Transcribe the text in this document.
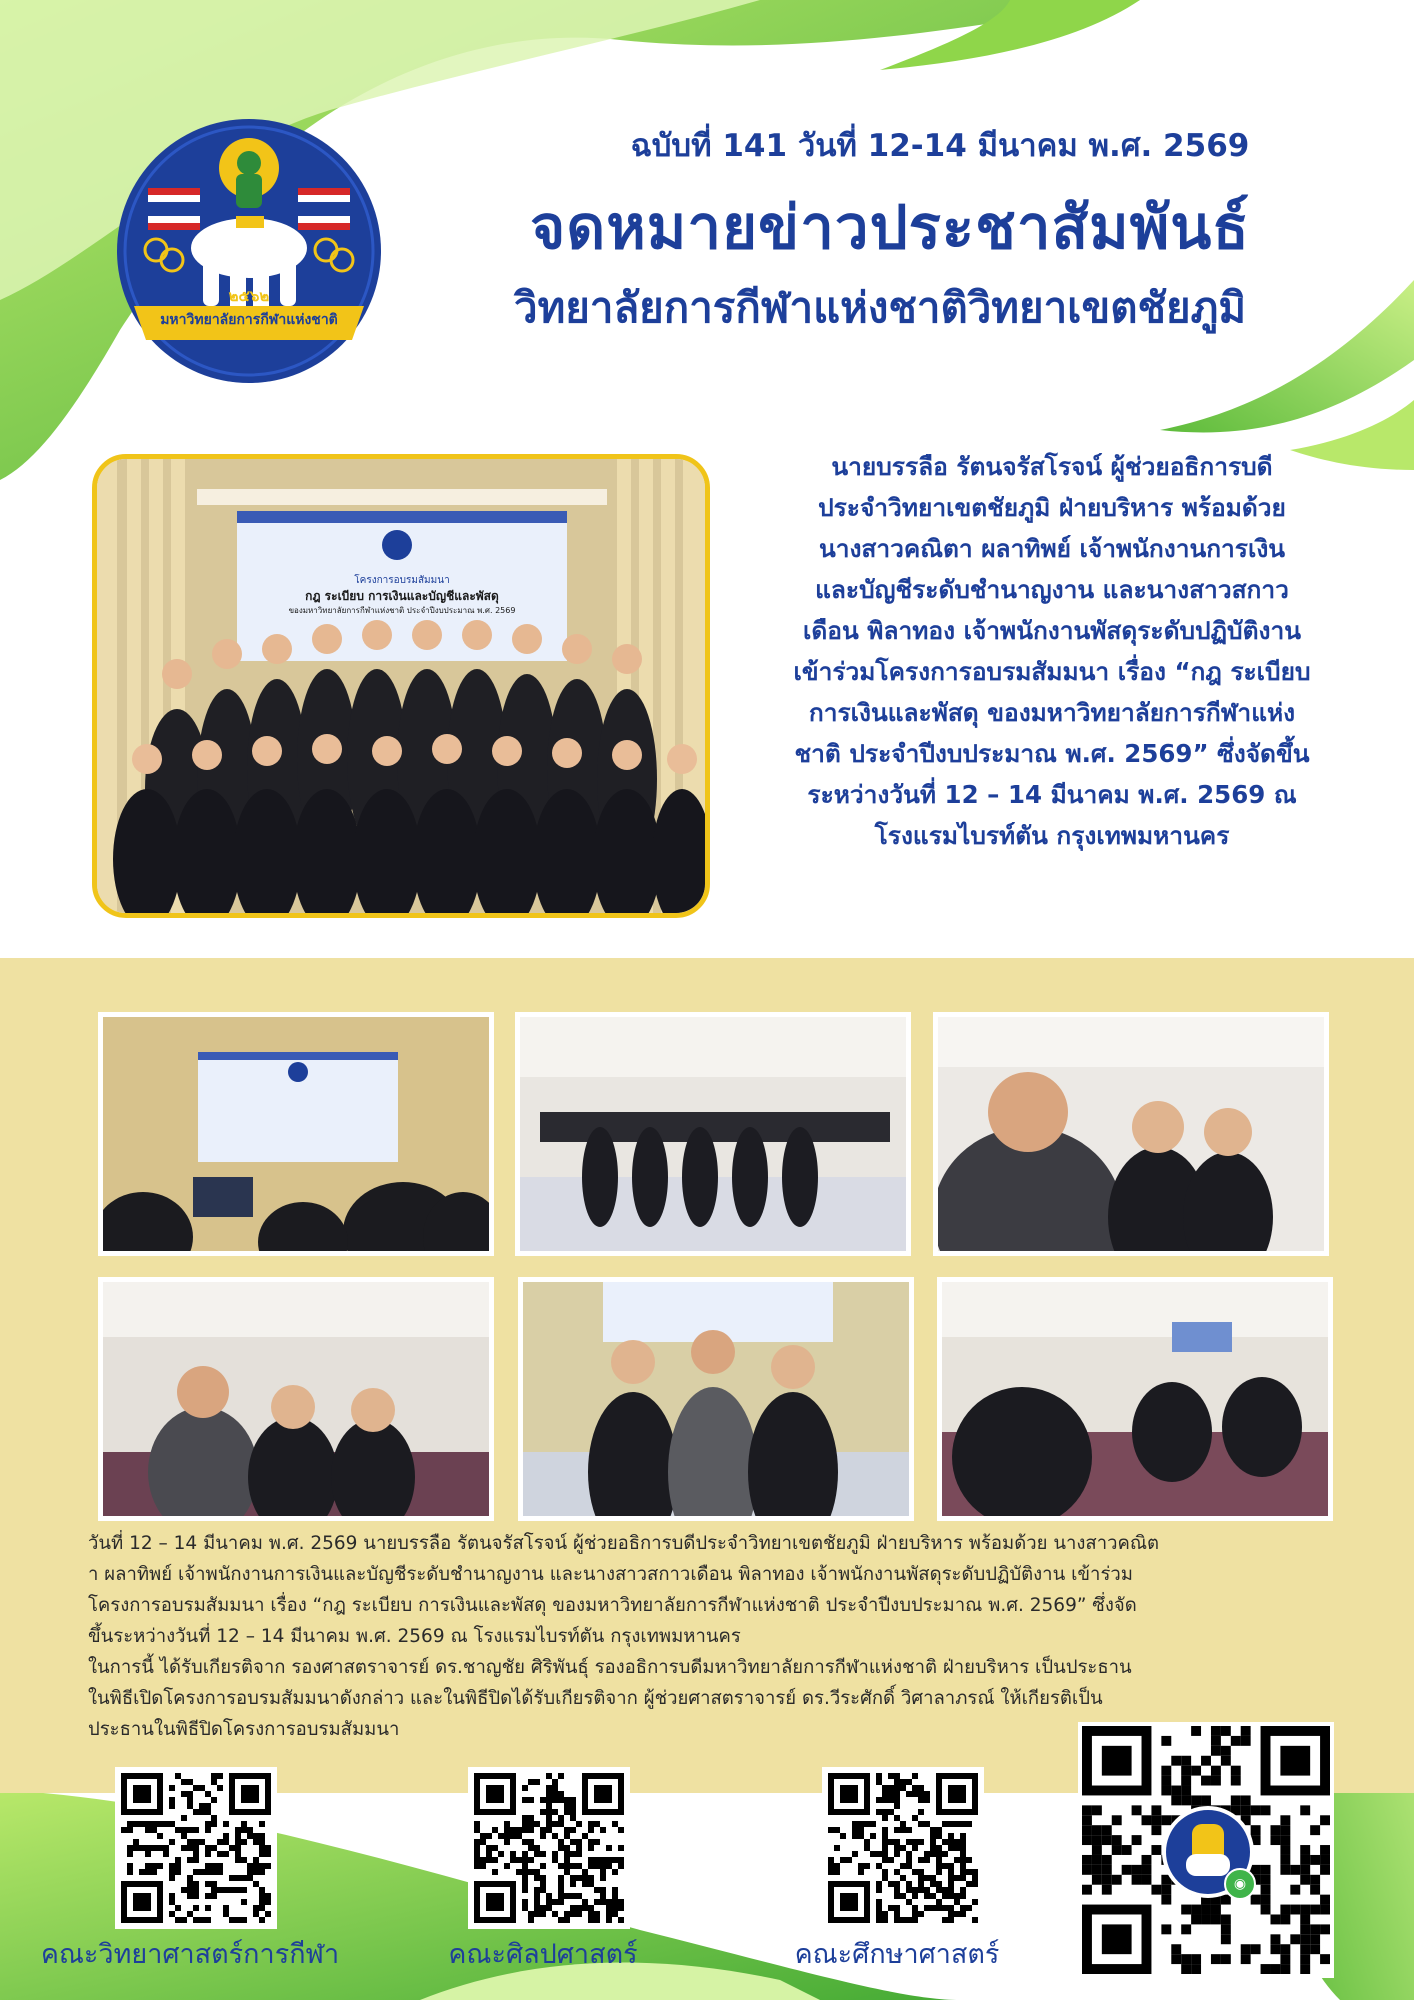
๒๕๖๒
มหาวิทยาลัยการกีฬาแห่งชาติ
ฉบับที่ 141 วันที่ 12-14 มีนาคม พ.ศ. 2569
จดหมายข่าวประชาสัมพันธ์
วิทยาลัยการกีฬาแห่งชาติวิทยาเขตชัยภูมิ
โครงการอบรมสัมมนา
กฎ ระเบียบ การเงินและบัญชีและพัสดุ
ของมหาวิทยาลัยการกีฬาแห่งชาติ ประจำปีงบประมาณ พ.ศ. 2569

นายบรรลือ รัตนจรัสโรจน์ ผู้ช่วยอธิการบดี

ประจำวิทยาเขตชัยภูมิ ฝ่ายบริหาร พร้อมด้วย

นางสาวคณิตา ผลาทิพย์ เจ้าพนักงานการเงิน

และบัญชีระดับชำนาญงาน และนางสาวสกาว

เดือน พิลาทอง เจ้าพนักงานพัสดุระดับปฏิบัติงาน

เข้าร่วมโครงการอบรมสัมมนา เรื่อง “กฎ ระเบียบ

การเงินและพัสดุ ของมหาวิทยาลัยการกีฬาแห่ง

ชาติ ประจำปีงบประมาณ พ.ศ. 2569” ซึ่งจัดขึ้น

ระหว่างวันที่ 12 – 14 มีนาคม พ.ศ. 2569 ณ

โรงแรมไบรท์ตัน กรุงเทพมหานคร

วันที่ 12 – 14 มีนาคม พ.ศ. 2569 นายบรรลือ รัตนจรัสโรจน์ ผู้ช่วยอธิการบดีประจำวิทยาเขตชัยภูมิ ฝ่ายบริหาร พร้อมด้วย นางสาวคณิต

า ผลาทิพย์ เจ้าพนักงานการเงินและบัญชีระดับชำนาญงาน และนางสาวสกาวเดือน พิลาทอง เจ้าพนักงานพัสดุระดับปฏิบัติงาน เข้าร่วม

โครงการอบรมสัมมนา เรื่อง “กฎ ระเบียบ การเงินและพัสดุ ของมหาวิทยาลัยการกีฬาแห่งชาติ ประจำปีงบประมาณ พ.ศ. 2569” ซึ่งจัด

ขึ้นระหว่างวันที่ 12 – 14 มีนาคม พ.ศ. 2569 ณ โรงแรมไบรท์ตัน กรุงเทพมหานคร

ในการนี้ ได้รับเกียรติจาก รองศาสตราจารย์ ดร.ชาญชัย ศิริพันธุ์ รองอธิการบดีมหาวิทยาลัยการกีฬาแห่งชาติ ฝ่ายบริหาร เป็นประธาน

ในพิธีเปิดโครงการอบรมสัมมนาดังกล่าว และในพิธีปิดได้รับเกียรติจาก ผู้ช่วยศาสตราจารย์ ดร.วีระศักดิ์ วิศาลาภรณ์ ให้เกียรติเป็น

ประธานในพิธีปิดโครงการอบรมสัมมนา

◉
คณะวิทยาศาสตร์การกีฬา	คณะศิลปศาสตร์	คณะศึกษาศาสตร์
